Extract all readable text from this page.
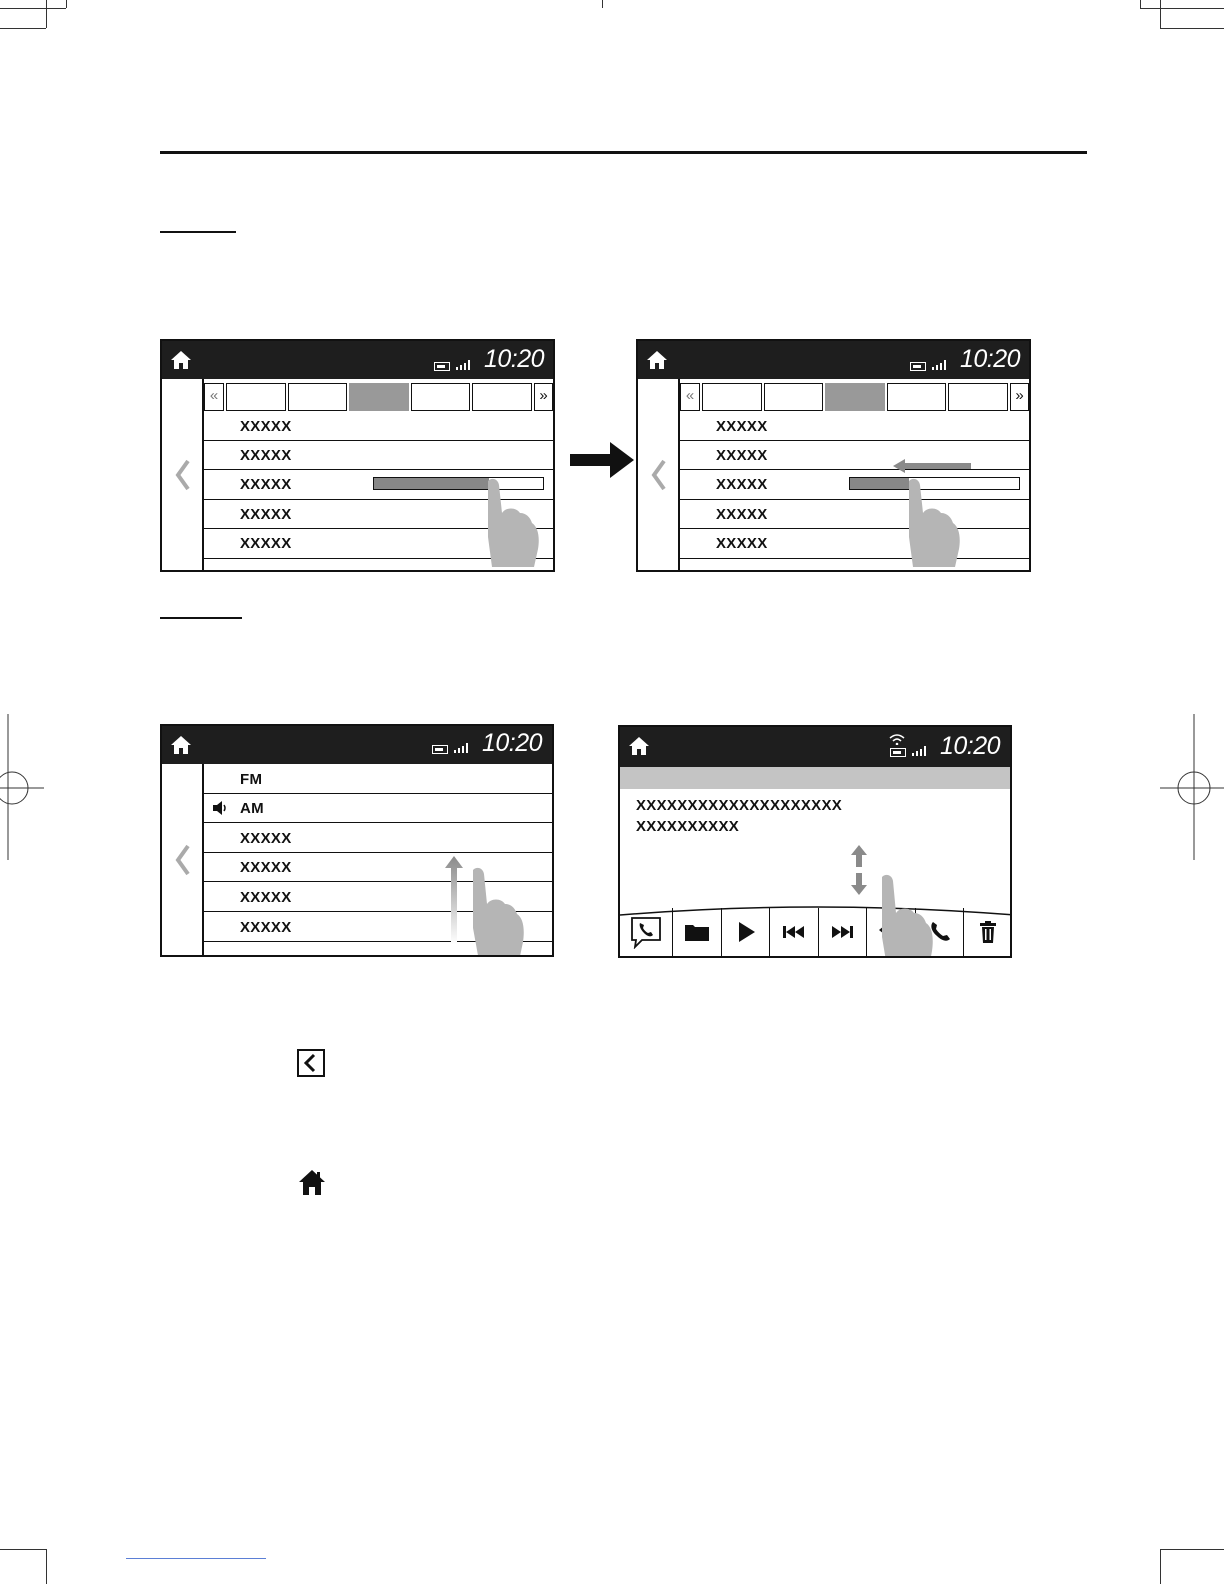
10:20
«	»
XXXXX
XXXXX
XXXXX
XXXXX
XXXXX
10:20
«	»
XXXXX
XXXXX
XXXXX
XXXXX
XXXXX
10:20
FM
AM
XXXXX
XXXXX
XXXXX
XXXXX
10:20
XXXXXXXXXXXXXXXXXXXX
XXXXXXXXXX
